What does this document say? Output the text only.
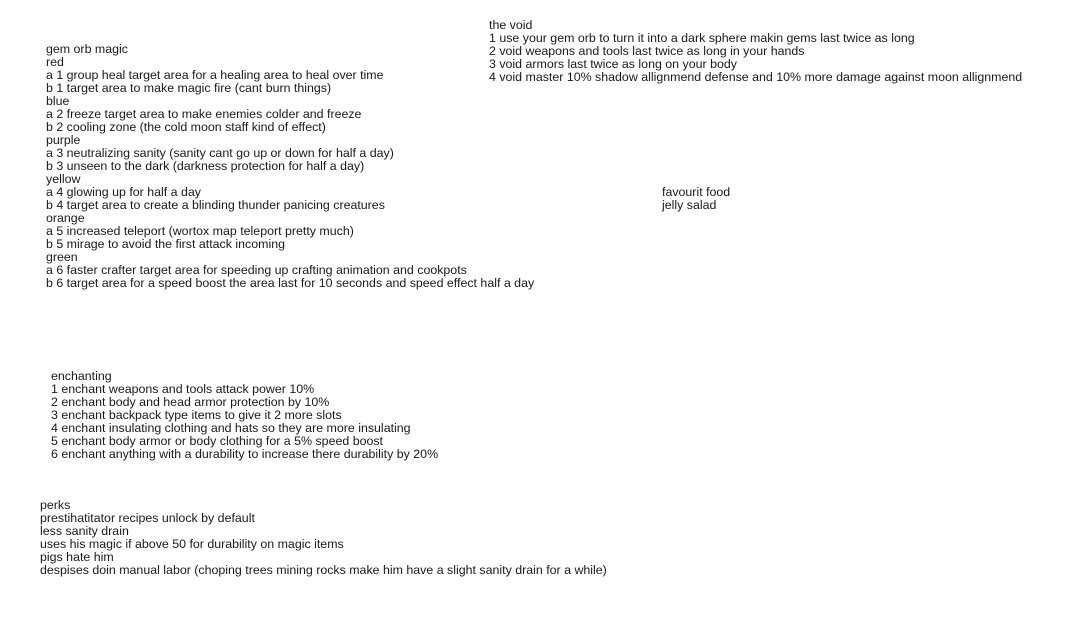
gem orb magic
red
a 1 group heal target area for a healing area to heal over time
b 1 target area to make magic fire (cant burn things)
blue
a 2 freeze target area to make enemies colder and freeze
b 2 cooling zone (the cold moon staff kind of effect)
purple
a 3 neutralizing sanity (sanity cant go up or down for half a day)
b 3 unseen to the dark (darkness protection for half a day)
yellow
a 4 glowing up for half a day
b 4 target area to create a blinding thunder panicing creatures
orange
a 5 increased teleport (wortox map teleport pretty much)
b 5 mirage to avoid the first attack incoming
green
a 6 faster crafter target area for speeding up crafting animation and cookpots
b 6 target area for a speed boost the area last for 10 seconds and speed effect half a day
the void
1 use your gem orb to turn it into a dark sphere makin gems last twice as long
2 void weapons and tools last twice as long in your hands
3 void armors last twice as long on your body
4 void master 10% shadow allignmend defense and 10% more damage against moon allignmend
favourit food
jelly salad
enchanting
1 enchant weapons and tools attack power 10%
2 enchant body and head armor protection by 10%
3 enchant backpack type items to give it 2 more slots
4 enchant insulating clothing and hats so they are more insulating
5 enchant body armor or body clothing for a 5% speed boost
6 enchant anything with a durability to increase there durability by 20%
perks
prestihatitator recipes unlock by default
less sanity drain
uses his magic if above 50 for durability on magic items
pigs hate him
despises doin manual labor (choping trees mining rocks make him have a slight sanity drain for a while)
